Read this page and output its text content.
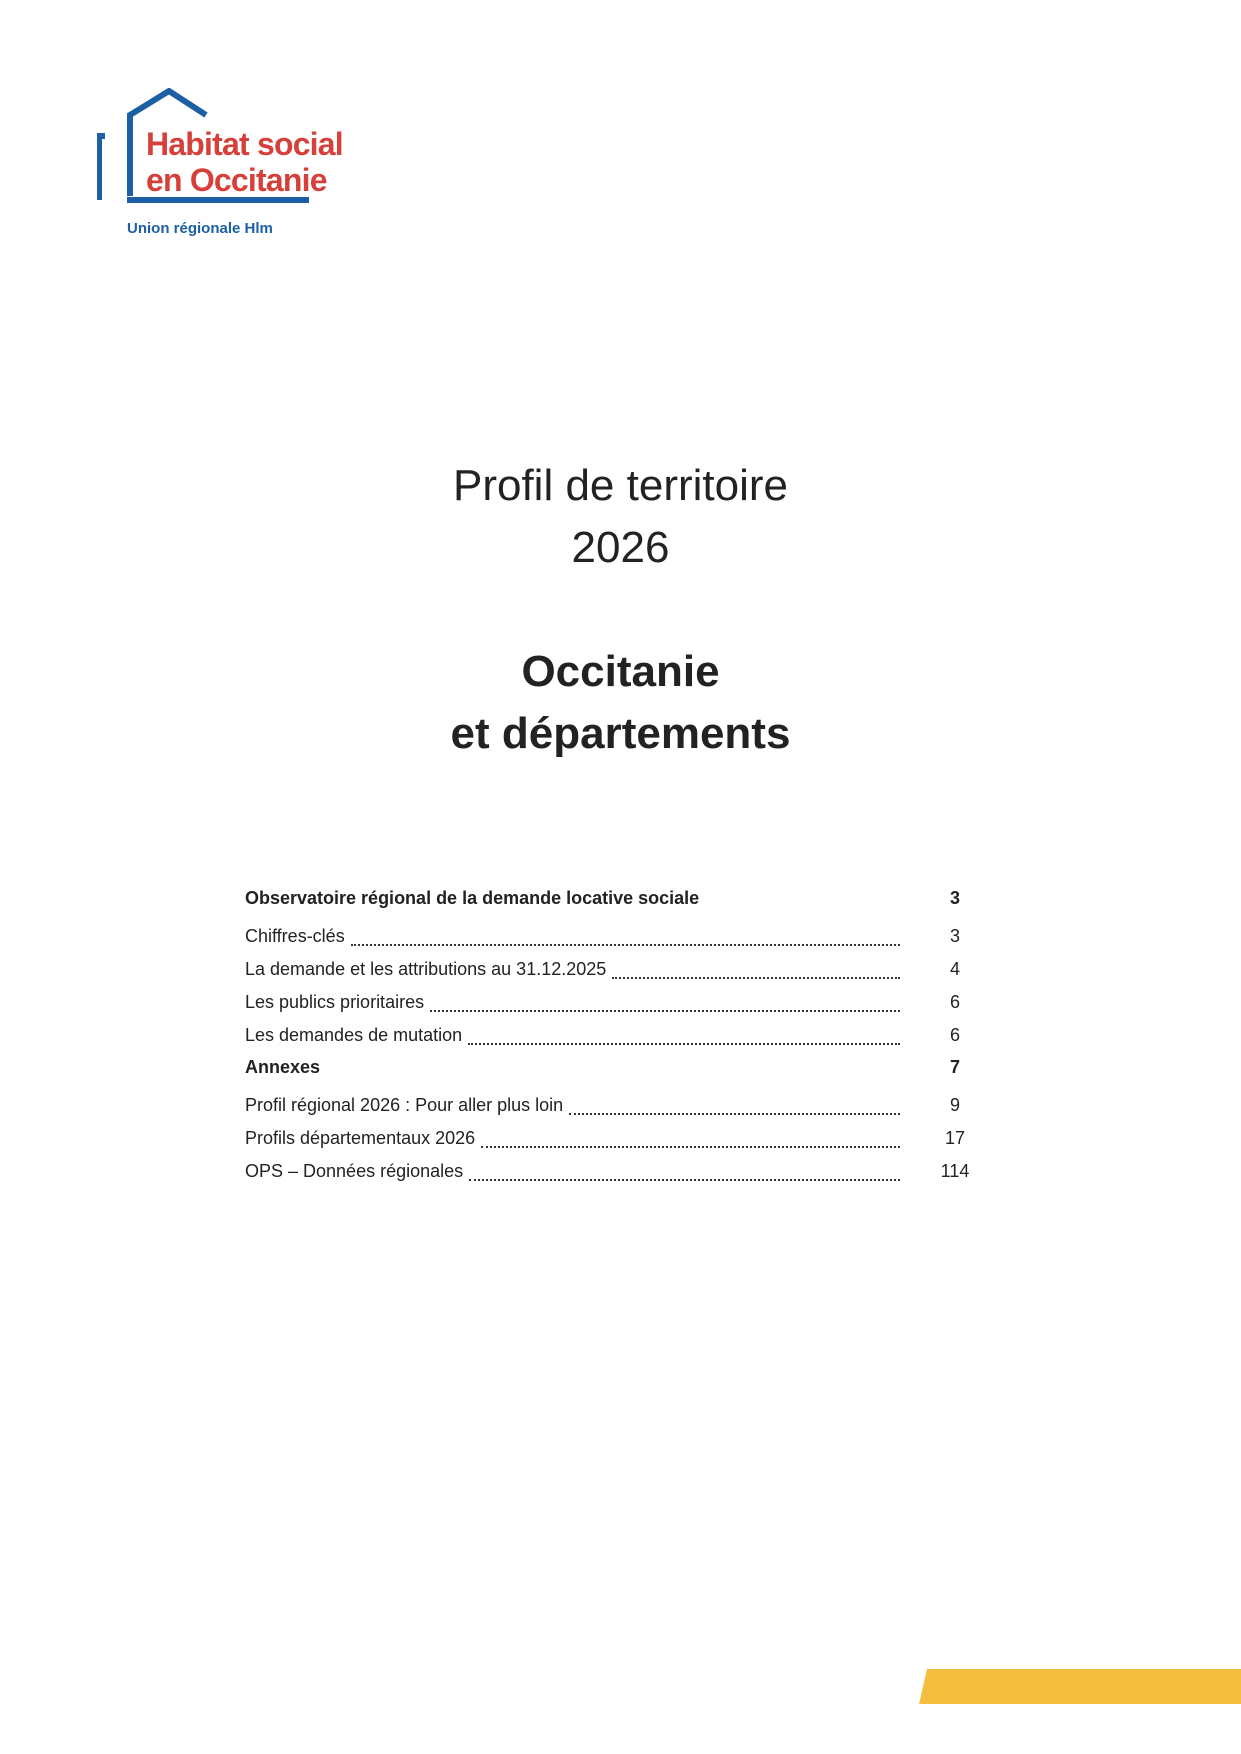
Habitat social
en Occitanie
Union régionale Hlm
Profil de territoire
2026
Occitanie
et départements
Observatoire régional de la demande locative sociale	3
Chiffres-clés	3
La demande et les attributions au 31.12.2025	4
Les publics prioritaires	6
Les demandes de mutation	6
Annexes	7
Profil régional 2026 : Pour aller plus loin	9
Profils départementaux 2026	17
OPS – Données régionales	114
